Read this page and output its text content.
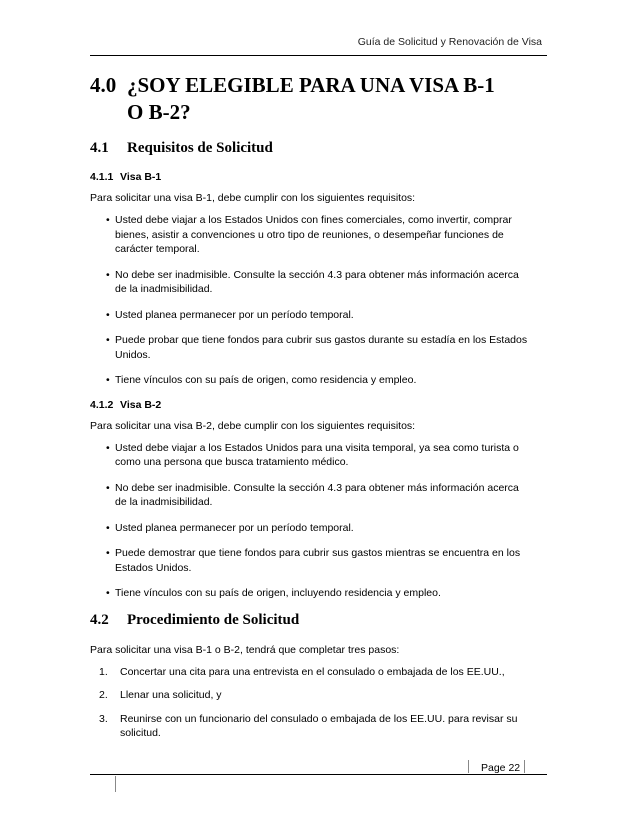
Guía de Solicitud y Renovación de Visa
4.0 ¿SOY ELEGIBLE PARA UNA VISA B-1
O B-2?
4.1	Requisitos de Solicitud
4.1.1 Visa B-1

Para solicitar una visa B-1, debe cumplir con los siguientes requisitos:

• Usted debe viajar a los Estados Unidos con fines comerciales, como invertir, comprar
bienes, asistir a convenciones u otro tipo de reuniones, o desempeñar funciones de
carácter temporal.
• No debe ser inadmisible. Consulte la sección 4.3 para obtener más información acerca
de la inadmisibilidad.
• Usted planea permanecer por un período temporal.
• Puede probar que tiene fondos para cubrir sus gastos durante su estadía en los Estados
Unidos.
• Tiene vínculos con su país de origen, como residencia y empleo.
4.1.2 Visa B-2

Para solicitar una visa B-2, debe cumplir con los siguientes requisitos:

• Usted debe viajar a los Estados Unidos para una visita temporal, ya sea como turista o
como una persona que busca tratamiento médico.
• No debe ser inadmisible. Consulte la sección 4.3 para obtener más información acerca
de la inadmisibilidad.
• Usted planea permanecer por un período temporal.
• Puede demostrar que tiene fondos para cubrir sus gastos mientras se encuentra en los
Estados Unidos.
• Tiene vínculos con su país de origen, incluyendo residencia y empleo.
4.2	Procedimiento de Solicitud

Para solicitar una visa B-1 o B-2, tendrá que completar tres pasos:

1.	Concertar una cita para una entrevista en el consulado o embajada de los EE.UU.,
2.	Llenar una solicitud, y
3.	Reunirse con un funcionario del consulado o embajada de los EE.UU. para revisar su
solicitud.
Page 22
